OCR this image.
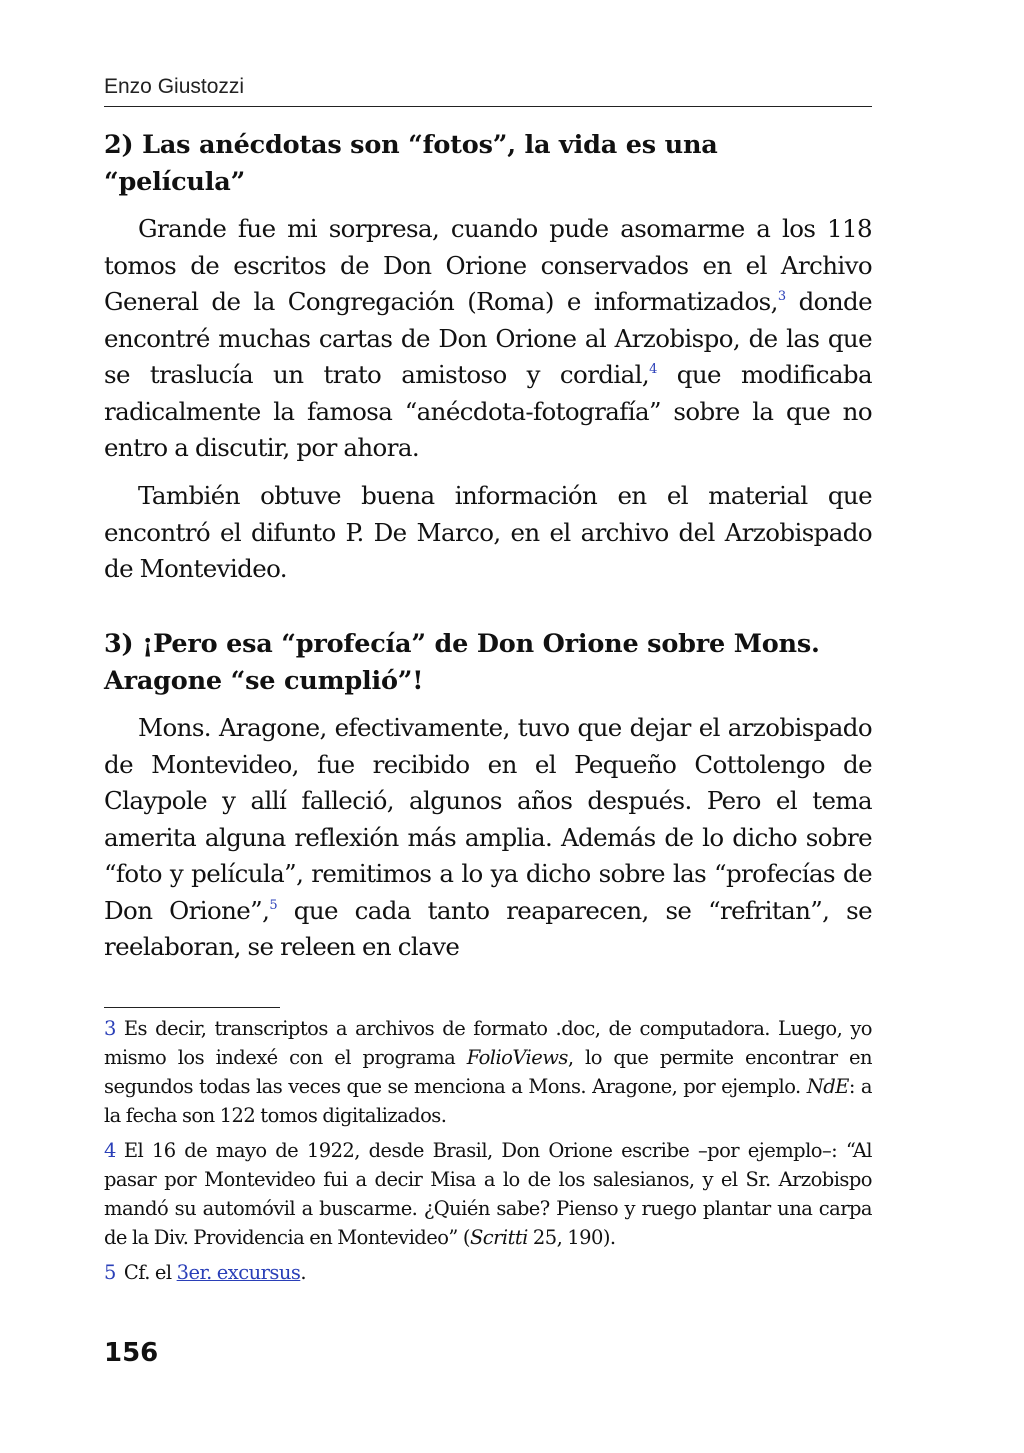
Enzo Giustozzi
2) Las anécdotas son “fotos”, la vida es una
“película”

Grande fue mi sorpresa, cuando pude asomarme a los 118 tomos de escritos de Don Orione conservados en el Archivo General de la Congregación (Roma) e informatizados,$^3$ donde encontré muchas cartas de Don Orione al Arzobispo, de las que se traslucía un trato amistoso y cordial,$^4$ que modificaba radicalmente la famosa “anécdota-fotografía” sobre la que no entro a discutir, por ahora.

También obtuve buena información en el material que encontró el difunto P. De Marco, en el archivo del Arzobispado de Montevideo.

3) ¡Pero esa “profecía” de Don Orione sobre Mons.
Aragone “se cumplió”!

Mons. Aragone, efectivamente, tuvo que dejar el arzobispado de Montevideo, fue recibido en el Pequeño Cottolengo de Claypole y allí falleció, algunos años después. Pero el tema amerita alguna reflexión más amplia. Además de lo dicho sobre “foto y película”, remitimos a lo ya dicho sobre las “profecías de Don Orione”,$^5$ que cada tanto reaparecen, se “refritan”, se reelaboran, se releen en clave

3 Es decir, transcriptos a archivos de formato .doc, de computadora. Luego, yo mismo los indexé con el programa FolioViews, lo que permite encontrar en segundos todas las veces que se menciona a Mons. Aragone, por ejemplo. NdE: a la fecha son 122 tomos digitalizados.

4 El 16 de mayo de 1922, desde Brasil, Don Orione escribe –por ejemplo–: “Al pasar por Montevideo fui a decir Misa a lo de los salesianos, y el Sr. Arzobispo mandó su automóvil a buscarme. ¿Quién sabe? Pienso y ruego plantar una carpa de la Div. Providencia en Montevideo” (Scritti 25, 190).

5 Cf. el 3er. excursus.

156
